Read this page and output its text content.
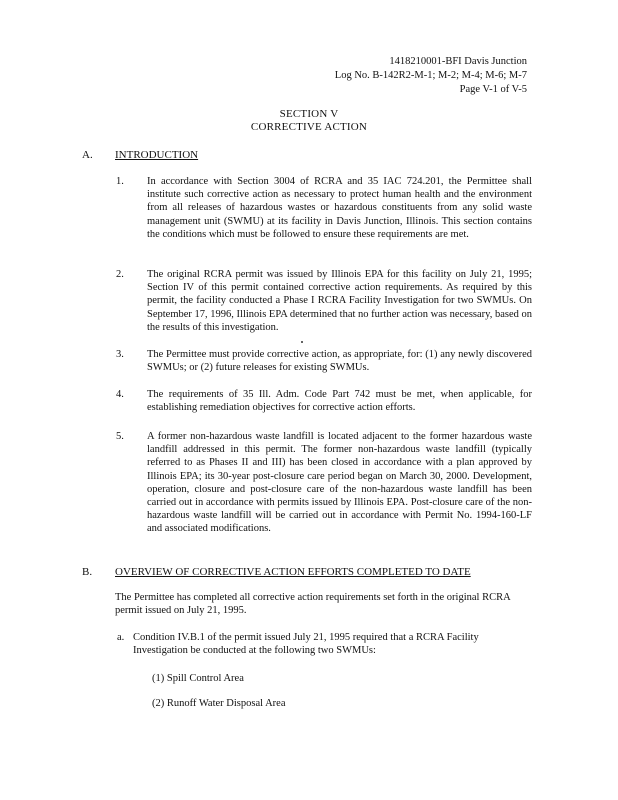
1418210001-BFI Davis Junction
Log No. B-142R2-M-1; M-2; M-4; M-6; M-7
Page V-1 of V-5
SECTION V
CORRECTIVE ACTION
A. INTRODUCTION
1. In accordance with Section 3004 of RCRA and 35 IAC 724.201, the Permittee shall institute such corrective action as necessary to protect human health and the environment from all releases of hazardous wastes or hazardous constituents from any solid waste management unit (SWMU) at its facility in Davis Junction, Illinois. This section contains the conditions which must be followed to ensure these requirements are met.
2. The original RCRA permit was issued by Illinois EPA for this facility on July 21, 1995; Section IV of this permit contained corrective action requirements. As required by this permit, the facility conducted a Phase I RCRA Facility Investigation for two SWMUs. On September 17, 1996, Illinois EPA determined that no further action was necessary, based on the results of this investigation.
3. The Permittee must provide corrective action, as appropriate, for: (1) any newly discovered SWMUs; or (2) future releases for existing SWMUs.
4. The requirements of 35 Ill. Adm. Code Part 742 must be met, when applicable, for establishing remediation objectives for corrective action efforts.
5. A former non-hazardous waste landfill is located adjacent to the former hazardous waste landfill addressed in this permit. The former non-hazardous waste landfill (typically referred to as Phases II and III) has been closed in accordance with a plan approved by Illinois EPA; its 30-year post-closure care period began on March 30, 2000. Development, operation, closure and post-closure care of the non-hazardous waste landfill has been carried out in accordance with permits issued by Illinois EPA. Post-closure care of the non-hazardous waste landfill will be carried out in accordance with Permit No. 1994-160-LF and associated modifications.
B. OVERVIEW OF CORRECTIVE ACTION EFFORTS COMPLETED TO DATE
The Permittee has completed all corrective action requirements set forth in the original RCRA permit issued on July 21, 1995.
a. Condition IV.B.1 of the permit issued July 21, 1995 required that a RCRA Facility Investigation be conducted at the following two SWMUs:
(1) Spill Control Area
(2) Runoff Water Disposal Area
